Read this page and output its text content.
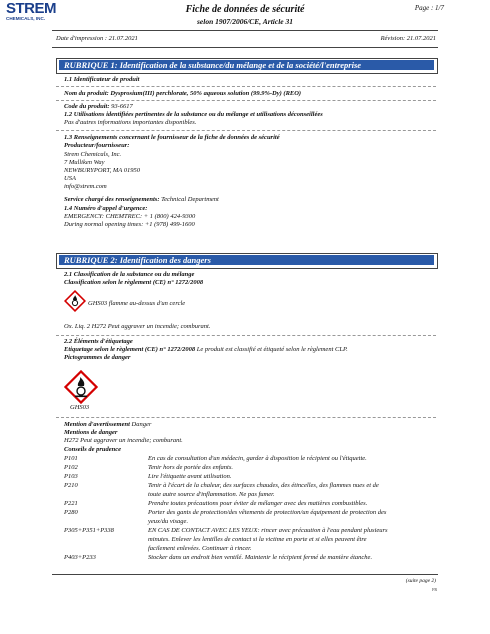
STREM
CHEMICALS, INC.
Fiche de données de sécurité
selon 1907/2006/CE, Article 31
Page : 1/7
Date d'impression : 21.07.2021	Révision: 21.07.2021
RUBRIQUE 1: Identification de la substance/du mélange et de la société/l'entreprise
1.1 Identificateur de produit
Nom du produit: Dysprosium(III) perchlorate, 50% aqueous solution (99.9%-Dy) (REO)
Code du produit: 93-6617
1.2 Utilisations identifiées pertinentes de la substance ou du mélange et utilisations déconseillées
Pas d'autres informations importantes disponibles.
1.3 Renseignements concernant le fournisseur de la fiche de données de sécurité
Producteur/fournisseur:
Strem Chemicals, Inc.
7 Mulliken Way
NEWBURYPORT, MA 01950
USA
info@strem.com
Service chargé des renseignements: Technical Department
1.4 Numéro d'appel d'urgence:
EMERGENCY: CHEMTREC: + 1 (800) 424-9300
During normal opening times: +1 (978) 499-1600
RUBRIQUE 2: Identification des dangers
2.1 Classification de la substance ou du mélange
Classification selon le règlement (CE) n° 1272/2008
GHS03 flamme au-dessus d'un cercle
Ox. Liq. 2 H272 Peut aggraver un incendie; comburant.
2.2 Éléments d'étiquetage
Etiquetage selon le règlement (CE) n° 1272/2008 Le produit est classifié et étiqueté selon le règlement CLP.
Pictogrammes de danger
GHS03
Mention d'avertissement Danger
Mentions de danger
H272 Peut aggraver un incendie; comburant.
Conseils de prudence
P101	En cas de consultation d'un médecin, garder à disposition le récipient ou l'étiquette.
P102	Tenir hors de portée des enfants.
P103	Lire l'étiquette avant utilisation.
P210	Tenir à l'écart de la chaleur, des surfaces chaudes, des étincelles, des flammes nues et de
toute autre source d'inflammation. Ne pas fumer.
P221	Prendre toutes précautions pour éviter de mélanger avec des matières combustibles.
P280	Porter des gants de protection/des vêtements de protection/un équipement de protection des
yeux/du visage.
P305+P351+P338	EN CAS DE CONTACT AVEC LES YEUX: rincer avec précaution à l'eau pendant plusieurs
minutes. Enlever les lentilles de contact si la victime en porte et si elles peuvent être
facilement enlevées. Continuer à rincer.
P403+P233	Stocker dans un endroit bien ventilé. Maintenir le récipient fermé de manière étanche.
(suite page 2)
FR
